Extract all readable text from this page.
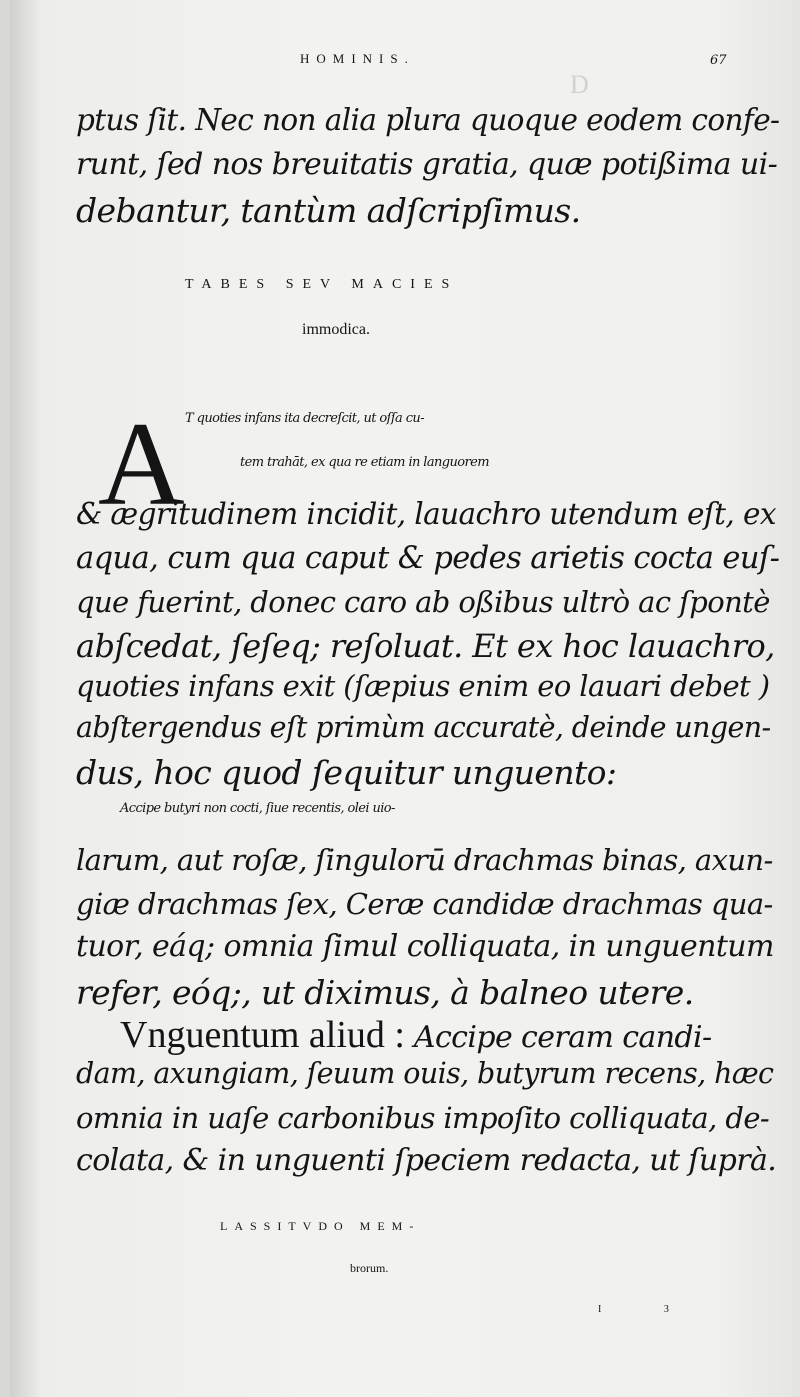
D
HOMINIS.	67
ptus ſit. Nec non alia plura quoque eodem confe-
runt, ſed nos breuitatis gratia, quæ potißima ui-
debantur, tantùm adſcripſimus.
TABES SEV MACIES
immodica.
A T quoties infans ita decreſcit, ut oſſa cu-
tem trahāt, ex qua re etiam in languorem
& ægritudinem incidit, lauachro utendum eſt, ex
aqua, cum qua caput & pedes arietis cocta euſ-
que fuerint, donec caro ab oßibus ultrò ac ſpontè
abſcedat, ſeſeq; reſoluat. Et ex hoc lauachro,
quoties infans exit (ſæpius enim eo lauari debet )
abſtergendus eſt primùm accuratè, deinde ungen-
dus, hoc quod ſequitur unguento:
Accipe butyri non cocti, ſiue recentis, olei uio-
larum, aut roſæ, ſingulorū drachmas binas, axun-
giæ drachmas ſex, Ceræ candidæ drachmas qua-
tuor, eáq; omnia ſimul colliquata, in unguentum
refer, eóq;, ut diximus, à balneo utere.
Vnguentum aliud : Accipe ceram candi-
dam, axungiam, ſeuum ouis, butyrum recens, hæc
omnia in uaſe carbonibus impoſito colliquata, de-
colata, & in unguenti ſpeciem redacta, ut ſuprà.
LASSITVDO MEM-
brorum.
I 3
